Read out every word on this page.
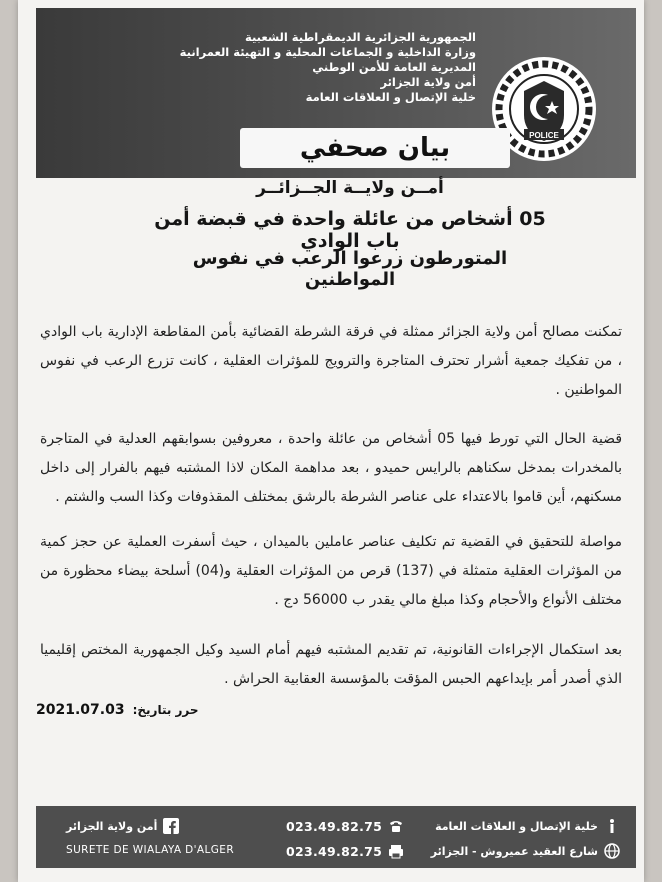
الجمهورية الجزائرية الديمقراطية الشعبية
وزارة الداخلية و الجماعات المحلية و التهيئة العمرانية
المديرية العامة للأمن الوطني
أمن ولاية الجزائر
خلية الإتصال و العلاقات العامة
POLICE
بيان صحفي
أمــن ولايــة الجــزائــر
05 أشخاص من عائلة واحدة في قبضة أمن باب الوادي
المتورطون زرعوا الرعب في نفوس المواطنين
تمكنت مصالح أمن ولاية الجزائر ممثلة في فرقة الشرطة القضائية بأمن المقاطعة الإدارية باب الوادي ، من تفكيك جمعية أشرار تحترف المتاجرة والترويج للمؤثرات العقلية ، كانت تزرع الرعب في نفوس المواطنين .
قضية الحال التي تورط فيها 05 أشخاص من عائلة واحدة ، معروفين بسوابقهم العدلية في المتاجرة بالمخدرات بمدخل سكناهم بالرايس حميدو ، بعد مداهمة المكان لاذا المشتبه فيهم بالفرار إلى داخل مسكنهم، أين قاموا بالاعتداء على عناصر الشرطة بالرشق بمختلف المقذوفات وكذا السب والشتم .
مواصلة للتحقيق في القضية تم تكليف عناصر عاملين بالميدان ، حيث أسفرت العملية عن حجز كمية من المؤثرات العقلية متمثلة في (137) قرص من المؤثرات العقلية و(04) أسلحة بيضاء محظورة من مختلف الأنواع والأحجام وكذا مبلغ مالي يقدر ب 56000 دج .
بعد استكمال الإجراءات القانونية، تم تقديم المشتبه فيهم أمام السيد وكيل الجمهورية المختص إقليميا الذي أصدر أمر بإيداعهم الحبس المؤقت بالمؤسسة العقابية الحراش .
2021.07.03 حرر بتاريخ:
أمن ولاية الجزائر
SURETE DE WIALAYA D'ALGER
023.49.82.75
023.49.82.75
خلية الإتصال و العلاقات العامة
شارع العقيد عميروش - الجزائر
